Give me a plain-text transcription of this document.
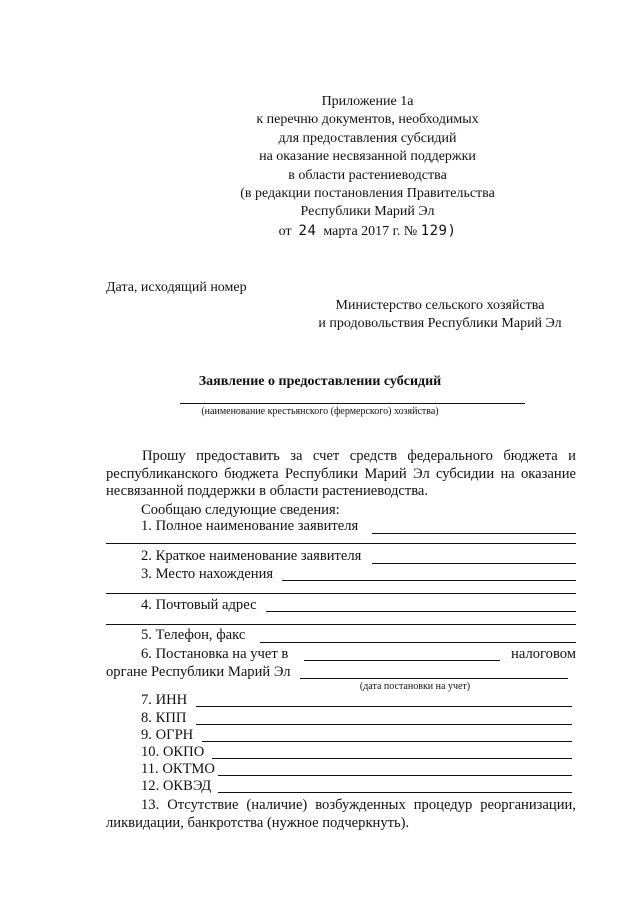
Приложение 1а
к перечню документов, необходимых
для предоставления субсидий
на оказание несвязанной поддержки
в области растениеводства
(в редакции постановления Правительства
Республики Марий Эл
от 24 марта 2017 г. № 129)
Дата, исходящий номер
Министерство сельского хозяйства
и продовольствия Республики Марий Эл
Заявление о предоставлении субсидий
(наименование крестьянского (фермерского) хозяйства)
Прошу предоставить за счет средств федерального бюджета и
республиканского бюджета Республики Марий Эл субсидии на оказание
несвязанной поддержки в области растениеводства.
Сообщаю следующие сведения:
1. Полное наименование заявителя
2. Краткое наименование заявителя
3. Место нахождения
4. Почтовый адрес
5. Телефон, факс
6. Постановка на учет в	налоговом
органе Республики Марий Эл
(дата постановки на учет)
7. ИНН
8. КПП
9. ОГРН
10. ОКПО
11. ОКТМО
12. ОКВЭД
13. Отсутствие (наличие) возбужденных процедур реорганизации,
ликвидации, банкротства (нужное подчеркнуть).
